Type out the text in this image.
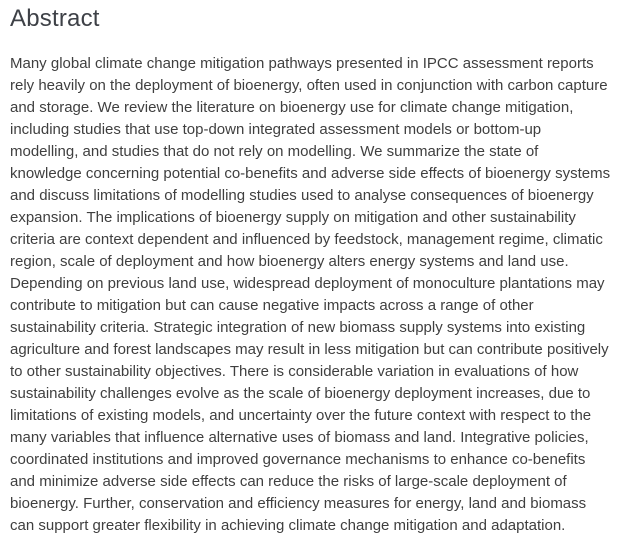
Abstract

Many global climate change mitigation pathways presented in IPCC assessment reports rely heavily on the deployment of bioenergy, often used in conjunction with carbon capture and storage. We review the literature on bioenergy use for climate change mitigation, including studies that use top-down integrated assessment models or bottom-up modelling, and studies that do not rely on modelling. We summarize the state of knowledge concerning potential co-benefits and adverse side effects of bioenergy systems and discuss limitations of modelling studies used to analyse consequences of bioenergy expansion. The implications of bioenergy supply on mitigation and other sustainability criteria are context dependent and influenced by feedstock, management regime, climatic region, scale of deployment and how bioenergy alters energy systems and land use. Depending on previous land use, widespread deployment of monoculture plantations may contribute to mitigation but can cause negative impacts across a range of other sustainability criteria. Strategic integration of new biomass supply systems into existing agriculture and forest landscapes may result in less mitigation but can contribute positively to other sustainability objectives. There is considerable variation in evaluations of how sustainability challenges evolve as the scale of bioenergy deployment increases, due to limitations of existing models, and uncertainty over the future context with respect to the many variables that influence alternative uses of biomass and land. Integrative policies, coordinated institutions and improved governance mechanisms to enhance co-benefits and minimize adverse side effects can reduce the risks of large-scale deployment of bioenergy. Further, conservation and efficiency measures for energy, land and biomass can support greater flexibility in achieving climate change mitigation and adaptation.
